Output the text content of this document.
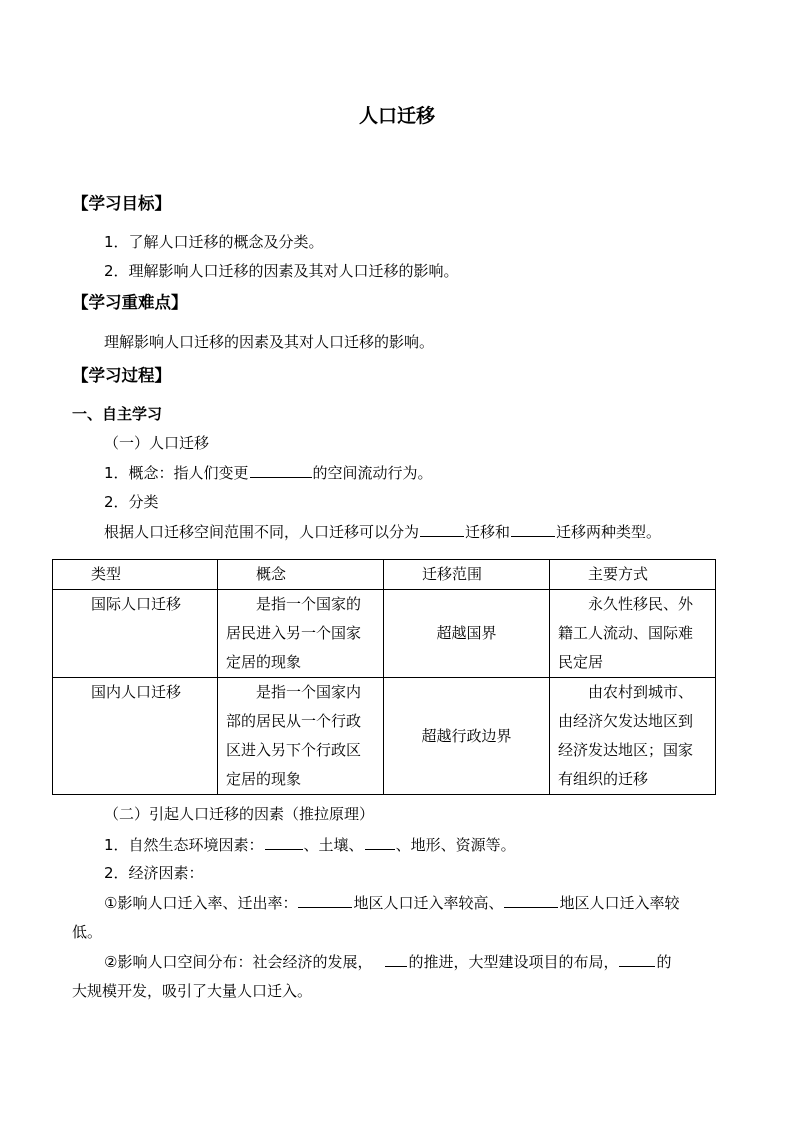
人口迁移
【学习目标】
1．了解人口迁移的概念及分类。
2．理解影响人口迁移的因素及其对人口迁移的影响。
【学习重难点】
理解影响人口迁移的因素及其对人口迁移的影响。
【学习过程】
一、自主学习
（一）人口迁移
1．概念：指人们变更	的空间流动行为。
2．分类
根据人口迁移空间范围不同，人口迁移可以分为	迁移和	迁移两种类型。
类型	概念	迁移范围	主要方式
国际人口迁移	是指一个国家的居民进入另一个国家定居的现象	超越国界	永久性移民、外籍工人流动、国际难民定居
国内人口迁移	是指一个国家内部的居民从一个行政区进入另下个行政区定居的现象	超越行政边界	由农村到城市、由经济欠发达地区到经济发达地区；国家有组织的迁移
（二）引起人口迁移的因素（推拉原理）
1．自然生态环境因素：	、土壤、 、地形、资源等。
2．经济因素：
①影响人口迁入率、迁出率：	地区人口迁入率较高、	地区人口迁入率较
低。
②影响人口空间分布：社会经济的发展， 的推进，大型建设项目的布局，	的
大规模开发，吸引了大量人口迁入。
